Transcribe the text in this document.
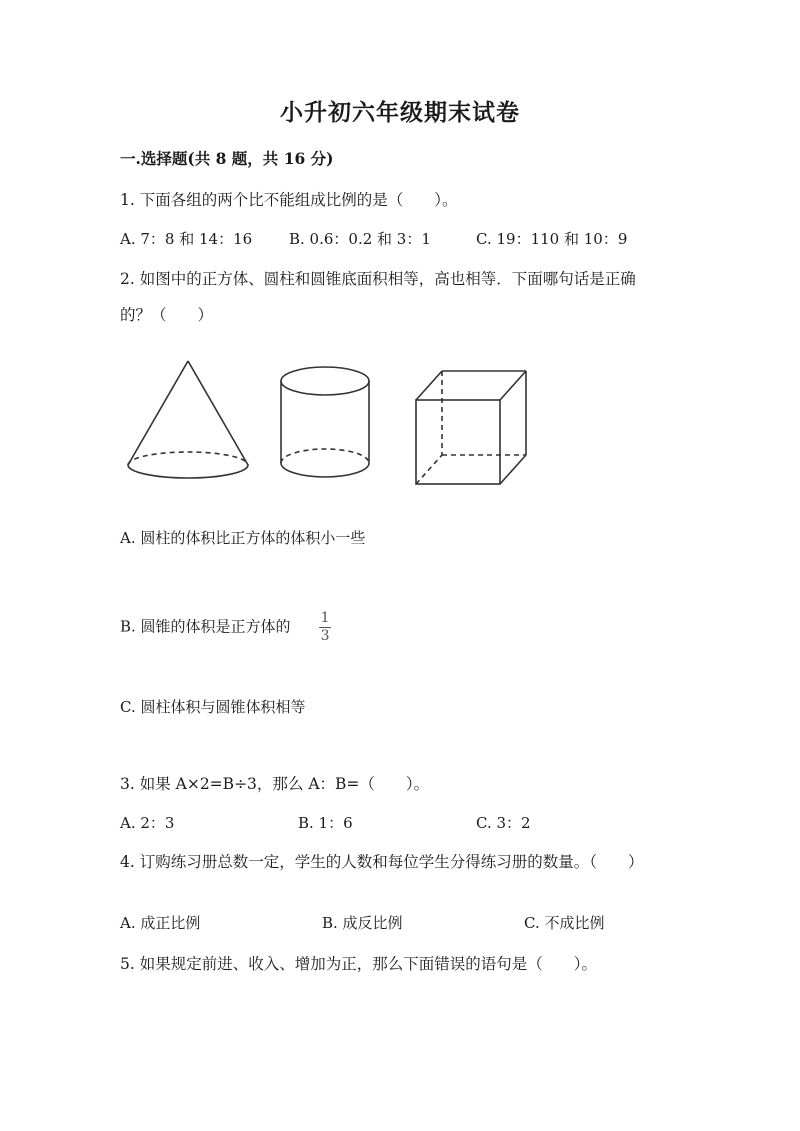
小升初六年级期末试卷
一.选择题(共 8 题，共 16 分)
1. 下面各组的两个比不能组成比例的是（　　）。
A. 7：8 和 14：16 B. 0.6：0.2 和 3：1	C. 19：110 和 10：9
2. 如图中的正方体、圆柱和圆锥底面积相等，高也相等．下面哪句话是正确
的？（　　）
A. 圆柱的体积比正方体的体积小一些
B. 圆锥的体积是正方体的 $\frac{1}{3}$
C. 圆柱体积与圆锥体积相等
3. 如果 A×2=B÷3，那么 A：B=（　　）。
A. 2：3	B. 1：6	C. 3：2
4. 订购练习册总数一定，学生的人数和每位学生分得练习册的数量。（　　）
A. 成正比例	B. 成反比例	C. 不成比例
5. 如果规定前进、收入、增加为正，那么下面错误的语句是（　　）。
